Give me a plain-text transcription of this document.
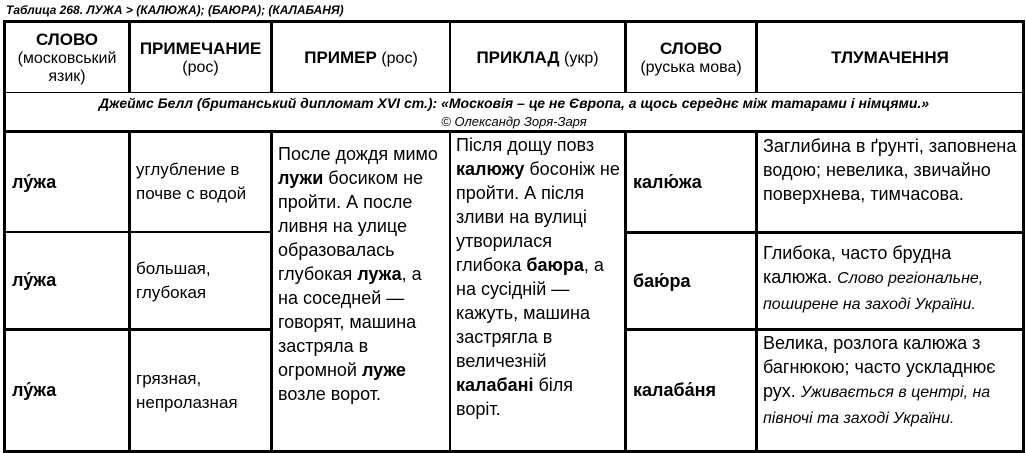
Таблица 268. ЛУЖА > (КАЛЮЖА); (БАЮРА); (КАЛАБАНЯ)
СЛОВО
(московський язик)
ПРИМЕЧАНИЕ
(рос)
ПРИМЕР (рос)	ПРИКЛАД (укр)
СЛОВО
(руська мова)
ТЛУМАЧЕННЯ
Джеймс Белл (британський дипломат XVI ст.): «Московія – це не Європа, а щось середнє між татарами і німцями.»
© Олександр Зоря-Заря
лу́жа
лу́жа
лу́жа
углубление в почве с водой
большая, глубокая
грязная, непролазная
После дождя мимо лужи босиком не пройти. А после ливня на улице образовалась глубокая лужа, а на соседней — говорят, машина застряла в огромной луже возле ворот.
Після дощу повз калюжу босоніж не пройти. А після зливи на вулиці утворилася глибока баюра, а на сусідній — кажуть, машина застрягла в величезній калабані біля воріт.
калю́жа
баю́ра
калаба́ня
Заглибина в ґрунті, заповнена водою; невелика, звичайно поверхнева, тимчасова.
Глибока, часто брудна калюжа. Слово регіональне, поширене на заході України.
Велика, розлога калюжа з багнюкою; часто ускладнює рух. Уживається в центрі, на півночі та заході України.
